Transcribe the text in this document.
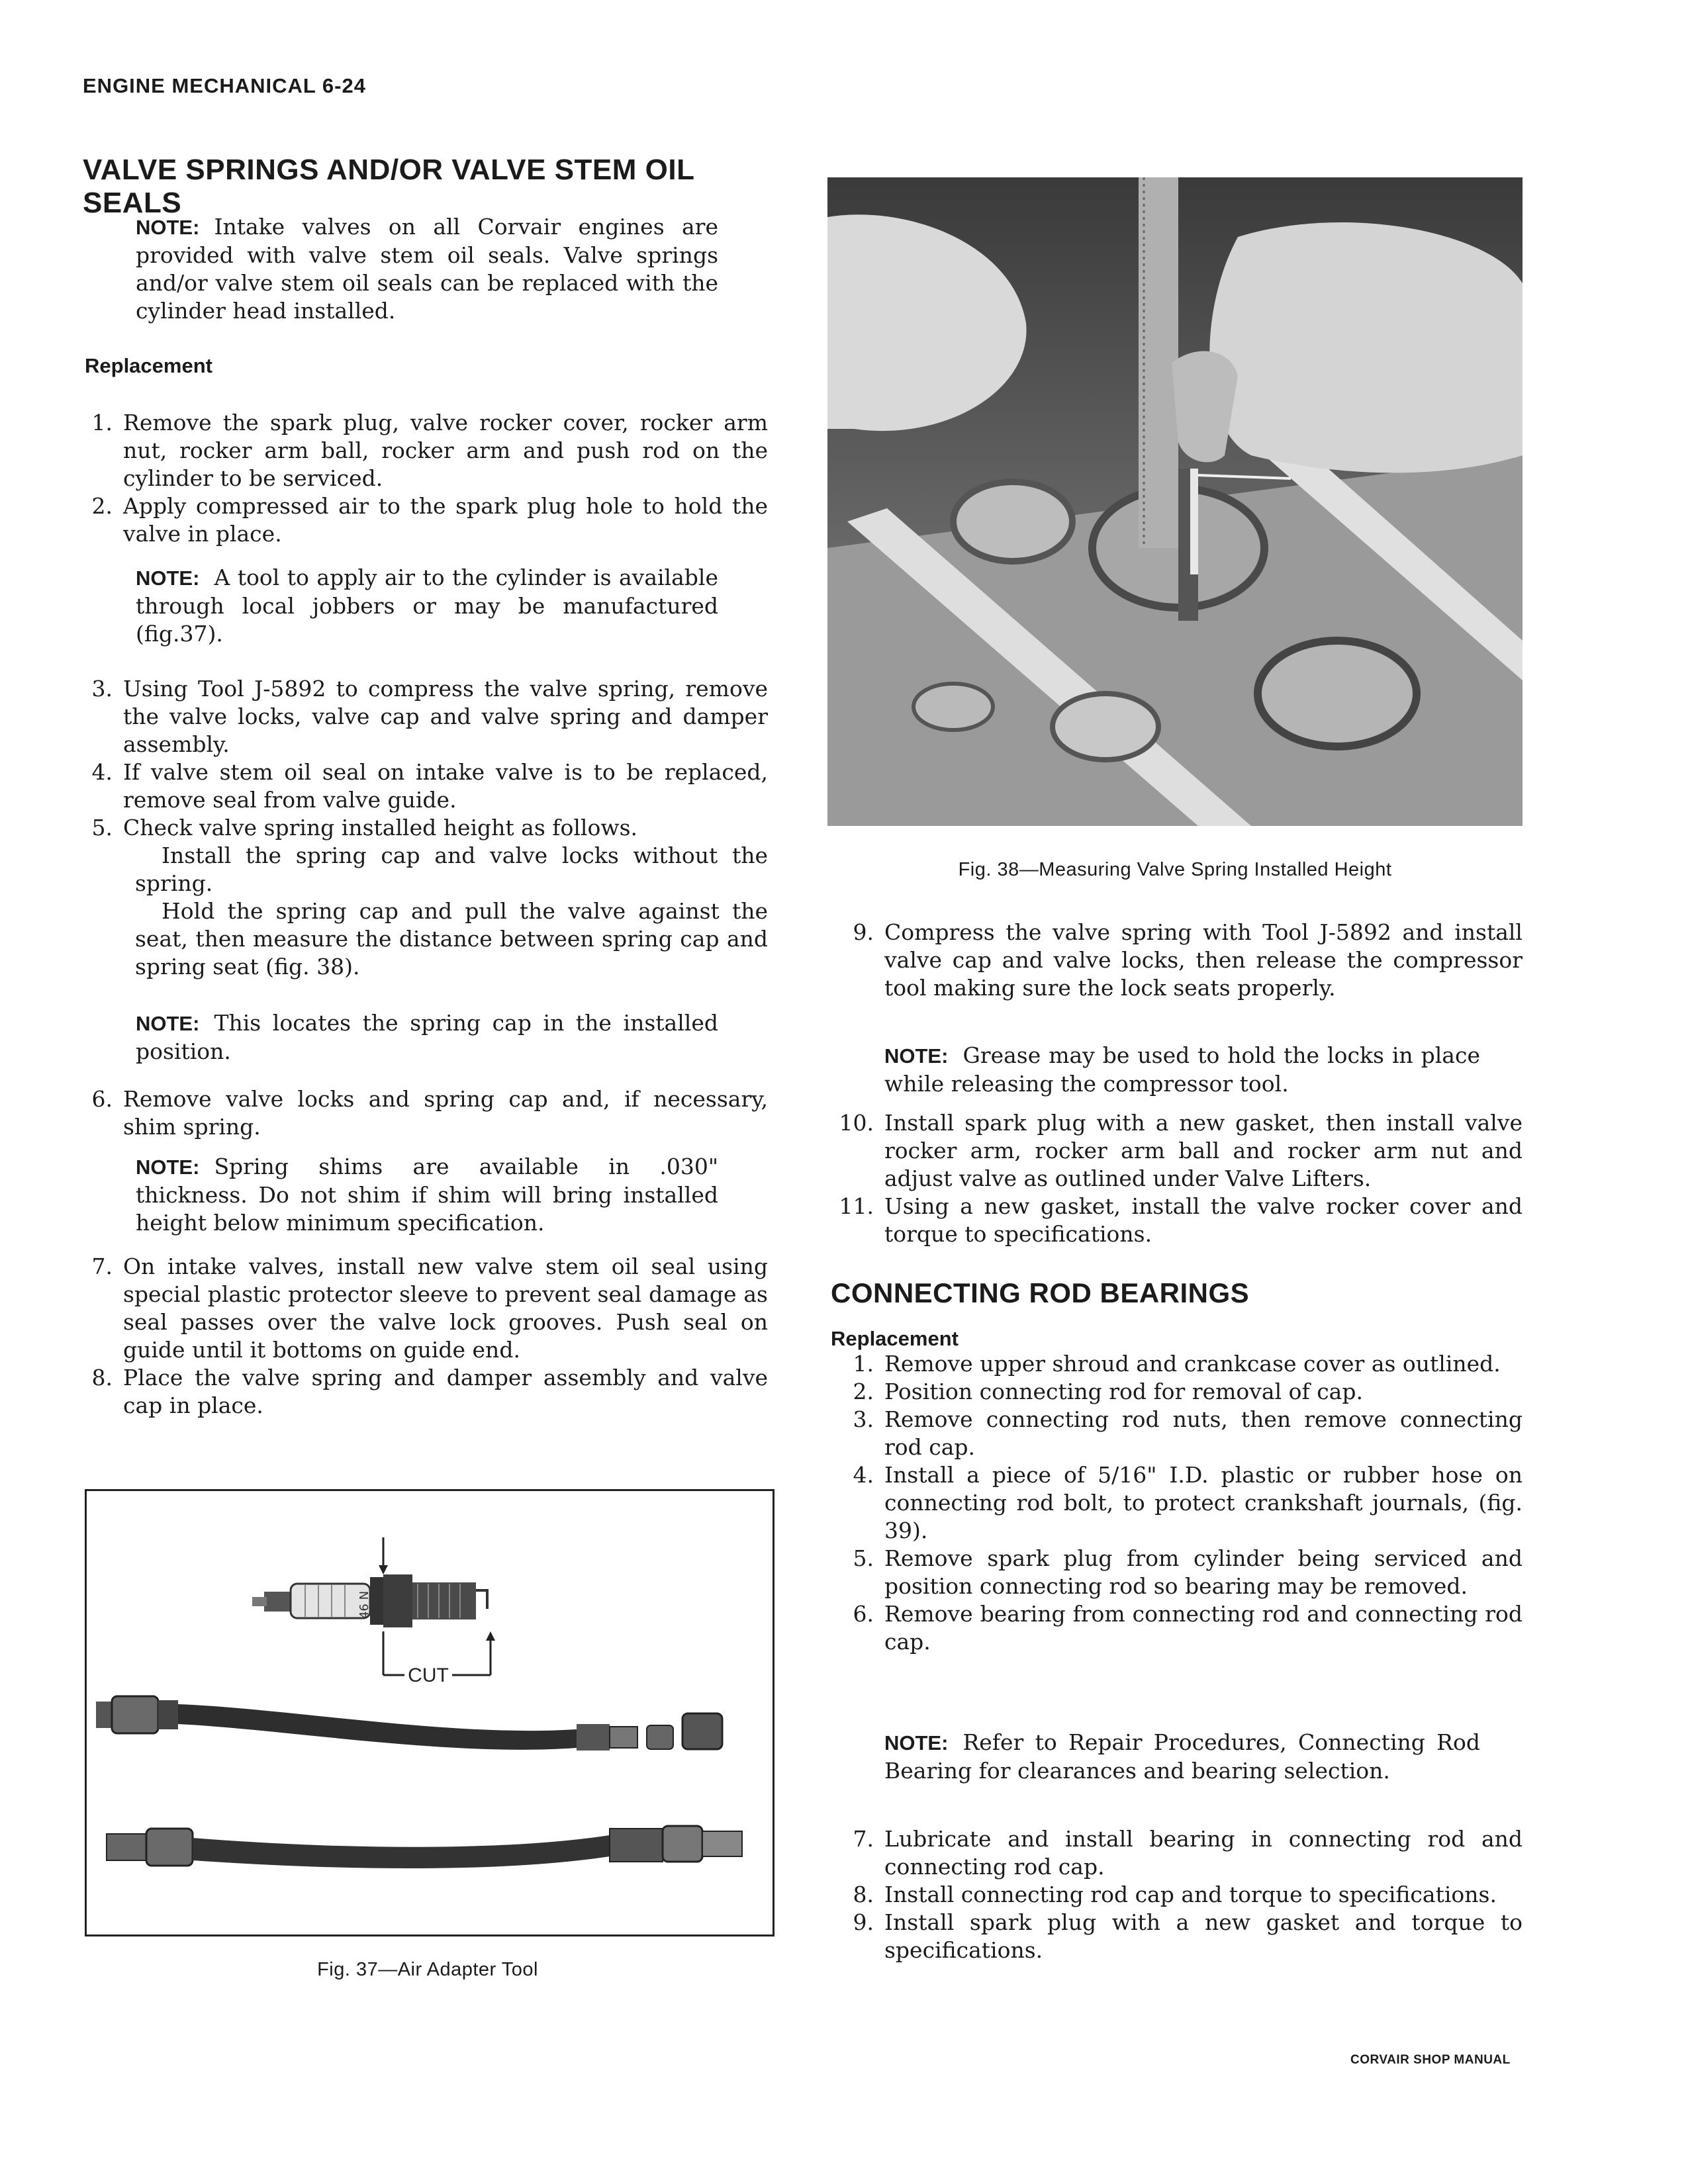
ENGINE MECHANICAL 6-24
VALVE SPRINGS AND/OR VALVE STEM OIL SEALS
NOTE: Intake valves on all Corvair engines are provided with valve stem oil seals. Valve springs and/or valve stem oil seals can be replaced with the cylinder head installed.
Replacement
1. Remove the spark plug, valve rocker cover, rocker arm nut, rocker arm ball, rocker arm and push rod on the cylinder to be serviced.
2. Apply compressed air to the spark plug hole to hold the valve in place.
NOTE: A tool to apply air to the cylinder is available through local jobbers or may be manufactured (fig.37).
3. Using Tool J-5892 to compress the valve spring, remove the valve locks, valve cap and valve spring and damper assembly.
4. If valve stem oil seal on intake valve is to be replaced, remove seal from valve guide.
5. Check valve spring installed height as follows.
Install the spring cap and valve locks without the spring.
Hold the spring cap and pull the valve against the seat, then measure the distance between spring cap and spring seat (fig. 38).
NOTE: This locates the spring cap in the installed position.
6. Remove valve locks and spring cap and, if necessary, shim spring.
NOTE: Spring shims are available in .030" thickness. Do not shim if shim will bring installed height below minimum specification.
7. On intake valves, install new valve stem oil seal using special plastic protector sleeve to prevent seal damage as seal passes over the valve lock grooves. Push seal on guide until it bottoms on guide end.
8. Place the valve spring and damper assembly and valve cap in place.
46 N
CUT
Fig. 37—Air Adapter Tool
Fig. 38—Measuring Valve Spring Installed Height
9. Compress the valve spring with Tool J-5892 and install valve cap and valve locks, then release the compressor tool making sure the lock seats properly.
NOTE: Grease may be used to hold the locks in place while releasing the compressor tool.
10. Install spark plug with a new gasket, then install valve rocker arm, rocker arm ball and rocker arm nut and adjust valve as outlined under Valve Lifters.
11. Using a new gasket, install the valve rocker cover and torque to specifications.
CONNECTING ROD BEARINGS
Replacement
1. Remove upper shroud and crankcase cover as outlined.
2. Position connecting rod for removal of cap.
3. Remove connecting rod nuts, then remove connecting rod cap.
4. Install a piece of 5/16" I.D. plastic or rubber hose on connecting rod bolt, to protect crankshaft journals, (fig. 39).
5. Remove spark plug from cylinder being serviced and position connecting rod so bearing may be removed.
6. Remove bearing from connecting rod and connecting rod cap.
NOTE: Refer to Repair Procedures, Connecting Rod Bearing for clearances and bearing selection.
7. Lubricate and install bearing in connecting rod and connecting rod cap.
8. Install connecting rod cap and torque to specifications.
9. Install spark plug with a new gasket and torque to specifications.
CORVAIR SHOP MANUAL
